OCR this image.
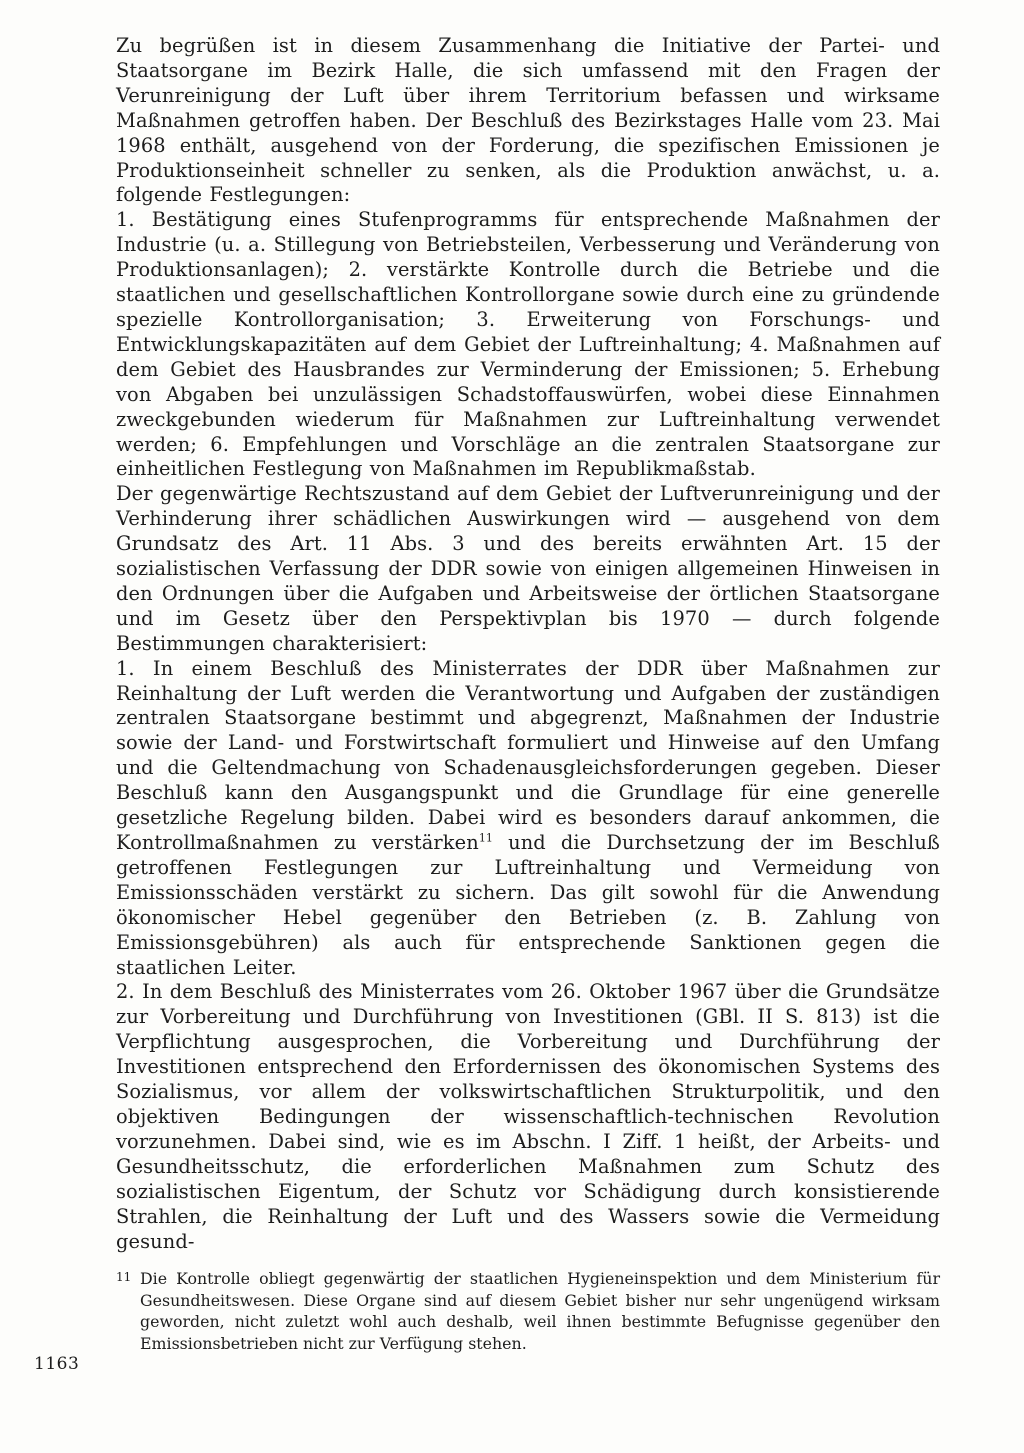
Zu begrüßen ist in diesem Zusammenhang die Initiative der Partei- und Staatsorgane im Bezirk Halle, die sich umfassend mit den Fragen der Verunreinigung der Luft über ihrem Territorium befassen und wirksame Maßnahmen getroffen haben. Der Beschluß des Bezirkstages Halle vom 23. Mai 1968 enthält, ausgehend von der Forderung, die spezifischen Emissionen je Produktionseinheit schneller zu senken, als die Produktion anwächst, u. a. folgende Festlegungen:

1. Bestätigung eines Stufenprogramms für entsprechende Maßnahmen der Industrie (u. a. Stillegung von Betriebsteilen, Verbesserung und Veränderung von Produktionsanlagen); 2. verstärkte Kontrolle durch die Betriebe und die staatlichen und gesellschaftlichen Kontrollorgane sowie durch eine zu gründende spezielle Kontrollorganisation; 3. Erweiterung von Forschungs- und Entwicklungskapazitäten auf dem Gebiet der Luftreinhaltung; 4. Maßnahmen auf dem Gebiet des Hausbrandes zur Verminderung der Emissionen; 5. Erhebung von Abgaben bei unzulässigen Schadstoffauswürfen, wobei diese Einnahmen zweckgebunden wiederum für Maßnahmen zur Luftreinhaltung verwendet werden; 6. Empfehlungen und Vorschläge an die zentralen Staatsorgane zur einheitlichen Festlegung von Maßnahmen im Republikmaßstab.

Der gegenwärtige Rechtszustand auf dem Gebiet der Luftverunreinigung und der Verhinderung ihrer schädlichen Auswirkungen wird — ausgehend von dem Grundsatz des Art. 11 Abs. 3 und des bereits erwähnten Art. 15 der sozialistischen Verfassung der DDR sowie von einigen allgemeinen Hinweisen in den Ordnungen über die Aufgaben und Arbeitsweise der örtlichen Staatsorgane und im Gesetz über den Perspektivplan bis 1970 — durch folgende Bestimmungen charakterisiert:

1. In einem Beschluß des Ministerrates der DDR über Maßnahmen zur Reinhaltung der Luft werden die Verantwortung und Aufgaben der zuständigen zentralen Staatsorgane bestimmt und abgegrenzt, Maßnahmen der Industrie sowie der Land- und Forstwirtschaft formuliert und Hinweise auf den Umfang und die Geltendmachung von Schadenausgleichsforderungen gegeben. Dieser Beschluß kann den Ausgangspunkt und die Grundlage für eine generelle gesetzliche Regelung bilden. Dabei wird es besonders darauf ankommen, die Kontrollmaßnahmen zu verstärken$^{11}$ und die Durchsetzung der im Beschluß getroffenen Festlegungen zur Luftreinhaltung und Vermeidung von Emissionsschäden verstärkt zu sichern. Das gilt sowohl für die Anwendung ökonomischer Hebel gegenüber den Betrieben (z. B. Zahlung von Emissionsgebühren) als auch für entsprechende Sanktionen gegen die staatlichen Leiter.

2. In dem Beschluß des Ministerrates vom 26. Oktober 1967 über die Grundsätze zur Vorbereitung und Durchführung von Investitionen (GBl. II S. 813) ist die Verpflichtung ausgesprochen, die Vorbereitung und Durchführung der Investitionen entsprechend den Erfordernissen des ökonomischen Systems des Sozialismus, vor allem der volkswirtschaftlichen Strukturpolitik, und den objektiven Bedingungen der wissenschaftlich-technischen Revolution vorzunehmen. Dabei sind, wie es im Abschn. I Ziff. 1 heißt, der Arbeits- und Gesundheitsschutz, die erforderlichen Maßnahmen zum Schutz des sozialistischen Eigentum, der Schutz vor Schädigung durch konsistierende Strahlen, die Reinhaltung der Luft und des Wassers sowie die Vermeidung gesund-

11 Die Kontrolle obliegt gegenwärtig der staatlichen Hygieneinspektion und dem Ministerium für Gesundheitswesen. Diese Organe sind auf diesem Gebiet bisher nur sehr ungenügend wirksam geworden, nicht zuletzt wohl auch deshalb, weil ihnen bestimmte Befugnisse gegenüber den Emissionsbetrieben nicht zur Verfügung stehen.
1163
